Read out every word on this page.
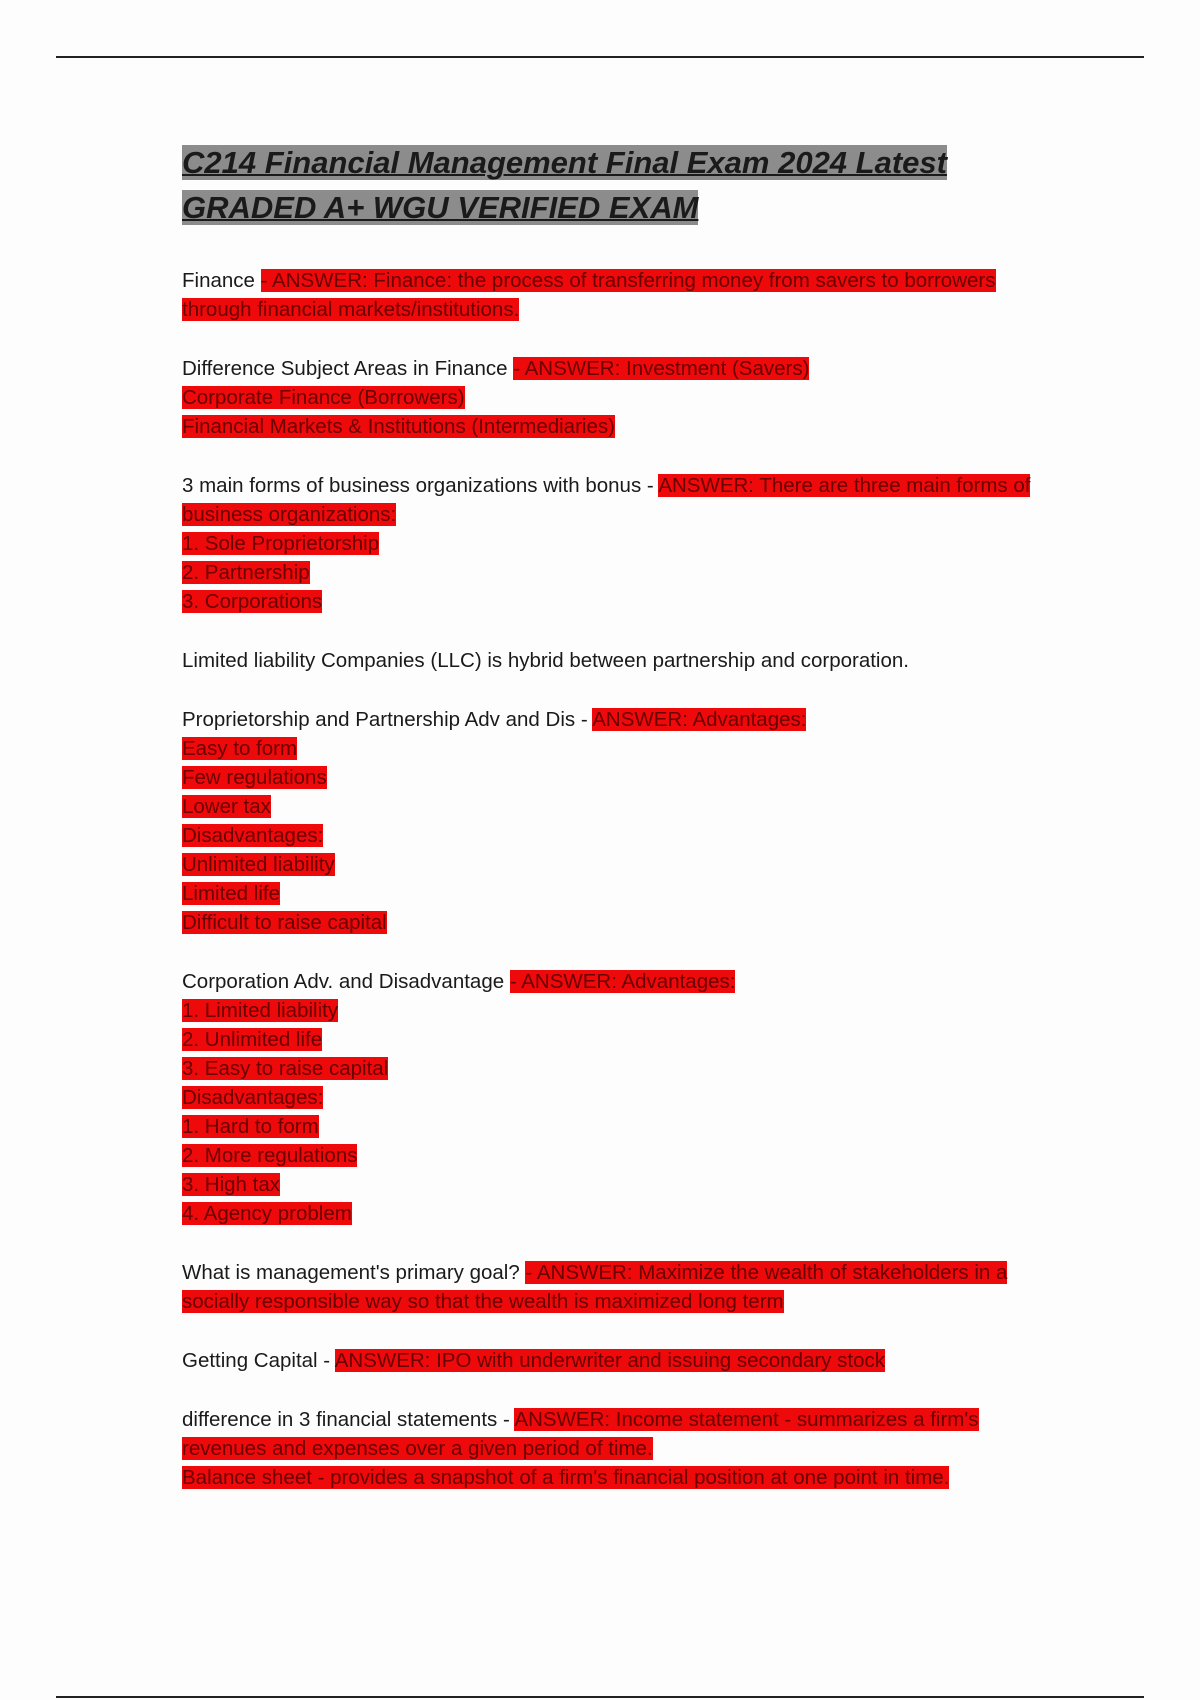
C214 Financial Management Final Exam 2024 Latest GRADED A+ WGU VERIFIED EXAM
Finance - ANSWER: Finance: the process of transferring money from savers to borrowers through financial markets/institutions.
Difference Subject Areas in Finance - ANSWER: Investment (Savers)
Corporate Finance (Borrowers)
Financial Markets & Institutions (Intermediaries)
3 main forms of business organizations with bonus - ANSWER: There are three main forms of business organizations:
1. Sole Proprietorship
2. Partnership
3. Corporations

Limited liability Companies (LLC) is hybrid between partnership and corporation.

Proprietorship and Partnership Adv and Dis - ANSWER: Advantages:
Easy to form
Few regulations
Lower tax
Disadvantages:
Unlimited liability
Limited life
Difficult to raise capital
Corporation Adv. and Disadvantage - ANSWER: Advantages:
1. Limited liability
2. Unlimited life
3. Easy to raise capital
Disadvantages:
1. Hard to form
2. More regulations
3. High tax
4. Agency problem
What is management's primary goal? - ANSWER: Maximize the wealth of stakeholders in a socially responsible way so that the wealth is maximized long term
Getting Capital - ANSWER: IPO with underwriter and issuing secondary stock
difference in 3 financial statements - ANSWER: Income statement - summarizes a firm's revenues and expenses over a given period of time.
Balance sheet - provides a snapshot of a firm's financial position at one point in time.
